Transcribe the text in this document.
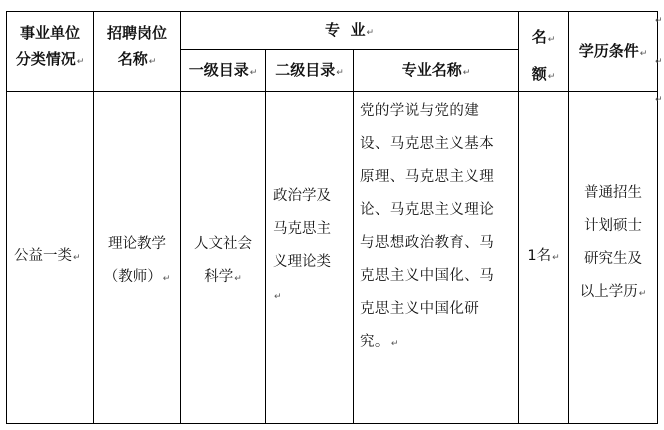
事业单位
分类情况↵
招聘岗位
名称↵
专  业↵
一级目录↵	二级目录↵	专业名称↵
名↵
额↵
学历条件↵
公益一类↵
理论教学
（教师）↵
人文社会
科学↵
政治学及
马克思主
义理论类
↵
党的学说与党的建
设、马克思主义基本
原理、马克思主义理
论、马克思主义理论
与思想政治教育、马
克思主义中国化、马
克思主义中国化研
究。↵
1名↵
普通招生
计划硕士
研究生及
以上学历↵
↵
↵
↵
